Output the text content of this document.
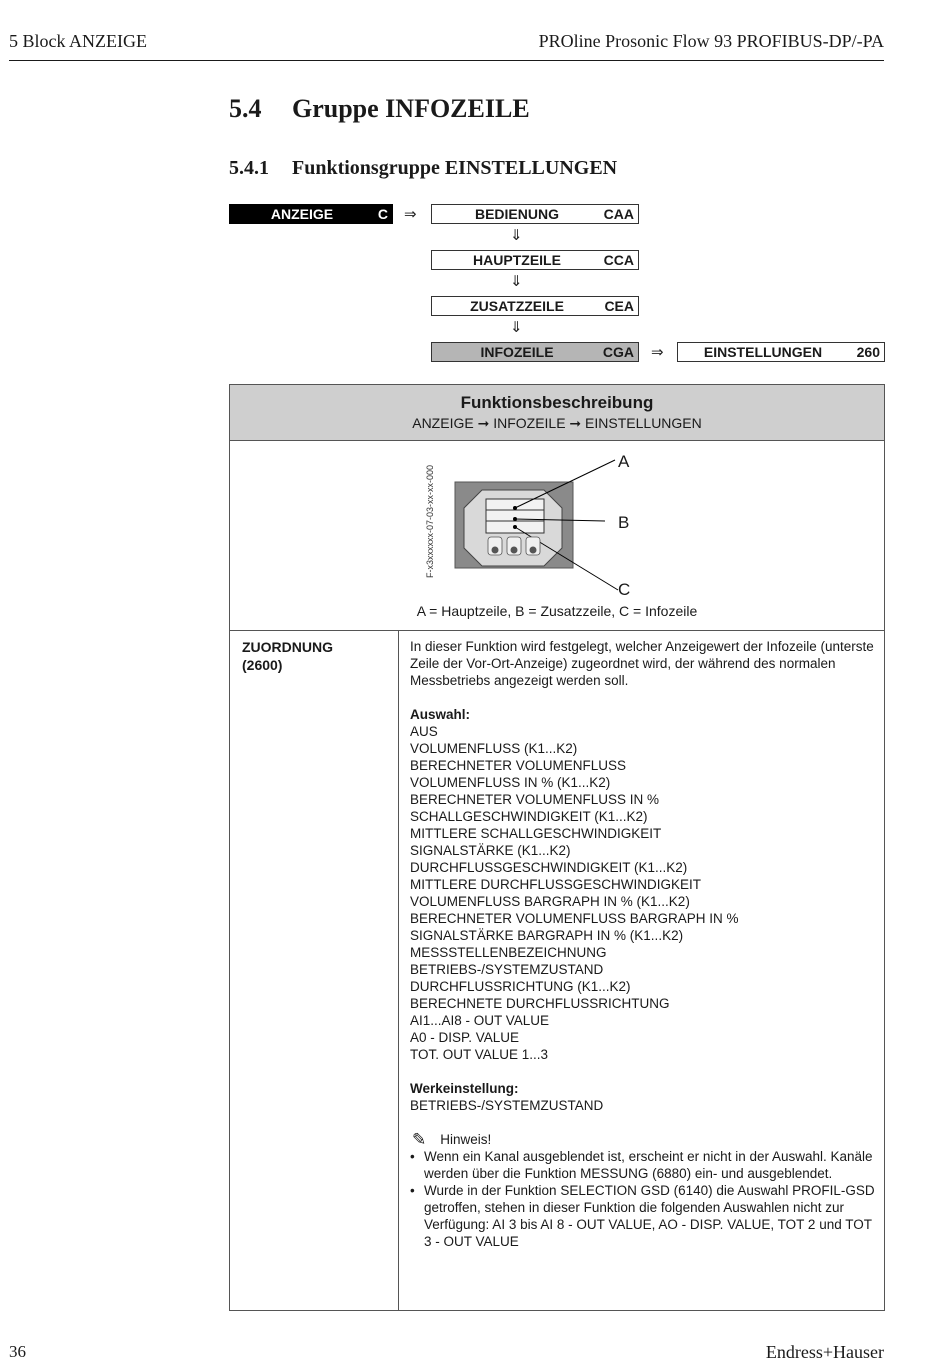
5 Block ANZEIGE	PROline Prosonic Flow 93 PROFIBUS-DP/-PA
5.4 Gruppe INFOZEILE
5.4.1 Funktionsgruppe EINSTELLUNGEN
ANZEIGE	C ⇒	BEDIENUNG	CAA
⇓
HAUPTZEILE	CCA
⇓
ZUSATZZEILE	CEA
⇓
INFOZEILE	CGA ⇒	EINSTELLUNGEN	260
Funktionsbeschreibung
ANZEIGE ➞ INFOZEILE ➞ EINSTELLUNGEN
F-x3xxxxxx-07-03-xx-xx-000
A
B
C
A = Hauptzeile, B = Zusatzzeile, C = Infozeile
ZUORDNUNG
(2600)

In dieser Funktion wird festgelegt, welcher Anzeigewert der Infozeile (unterste Zeile der Vor-Ort-Anzeige) zugeordnet wird, der während des normalen Messbetriebs angezeigt werden soll.

Auswahl:

AUS
VOLUMENFLUSS (K1...K2)
BERECHNETER VOLUMENFLUSS
VOLUMENFLUSS IN % (K1...K2)
BERECHNETER VOLUMENFLUSS IN %
SCHALLGESCHWINDIGKEIT (K1...K2)
MITTLERE SCHALLGESCHWINDIGKEIT
SIGNALSTÄRKE (K1...K2)
DURCHFLUSSGESCHWINDIGKEIT (K1...K2)
MITTLERE DURCHFLUSSGESCHWINDIGKEIT
VOLUMENFLUSS BARGRAPH IN % (K1...K2)
BERECHNETER VOLUMENFLUSS BARGRAPH IN %
SIGNALSTÄRKE BARGRAPH IN % (K1...K2)
MESSSTELLENBEZEICHNUNG
BETRIEBS-/SYSTEMZUSTAND
DURCHFLUSSRICHTUNG (K1...K2)
BERECHNETE DURCHFLUSSRICHTUNG
AI1...AI8 - OUT VALUE
A0 - DISP. VALUE
TOT. OUT VALUE 1...3

Werkeinstellung:

BETRIEBS-/SYSTEMZUSTAND

✎ Hinweis!
• Wenn ein Kanal ausgeblendet ist, erscheint er nicht in der Auswahl. Kanäle werden über die Funktion MESSUNG (6880) ein- und ausgeblendet.
• Wurde in der Funktion SELECTION GSD (6140) die Auswahl PROFIL-GSD getroffen, stehen in dieser Funktion die folgenden Auswahlen nicht zur Verfügung: AI 3 bis AI 8 - OUT VALUE, AO - DISP. VALUE, TOT 2 und TOT 3 - OUT VALUE
36	Endress+Hauser
